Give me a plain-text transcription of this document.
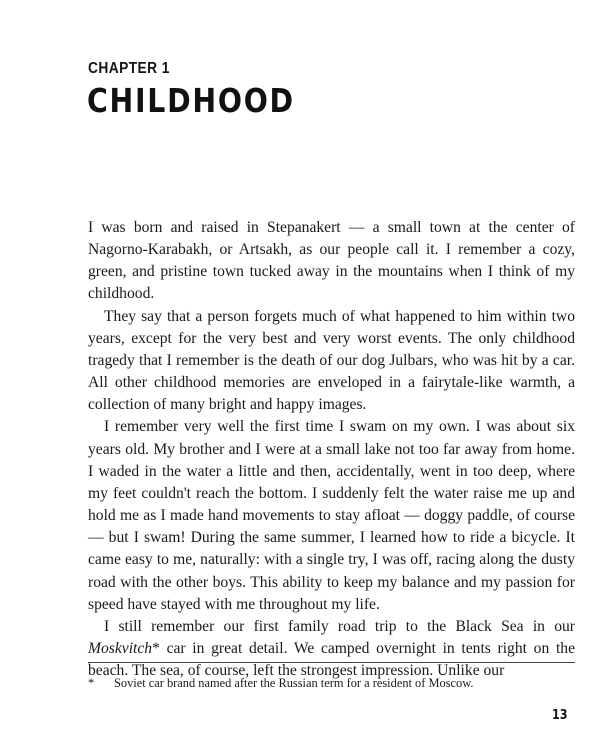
CHAPTER 1
CHILDHOOD

I was born and raised in Stepanakert — a small town at the center of Nagorno-Karabakh, or Artsakh, as our people call it. I remember a cozy, green, and pristine town tucked away in the mountains when I think of my childhood.

They say that a person forgets much of what happened to him within two years, except for the very best and very worst events. The only childhood tragedy that I remember is the death of our dog Julbars, who was hit by a car. All other childhood memories are enveloped in a fairytale-like warmth, a collection of many bright and happy images.

I remember very well the first time I swam on my own. I was about six years old. My brother and I were at a small lake not too far away from home. I waded in the water a little and then, accidentally, went in too deep, where my feet couldn't reach the bottom. I suddenly felt the water raise me up and hold me as I made hand movements to stay afloat — doggy paddle, of course — but I swam! During the same summer, I learned how to ride a bicycle. It came easy to me, naturally: with a single try, I was off, racing along the dusty road with the other boys. This ability to keep my balance and my passion for speed have stayed with me throughout my life.

I still remember our first family road trip to the Black Sea in our Moskvitch* car in great detail. We camped overnight in tents right on the beach. The sea, of course, left the strongest impression. Unlike our

* Soviet car brand named after the Russian term for a resident of Moscow.
13
